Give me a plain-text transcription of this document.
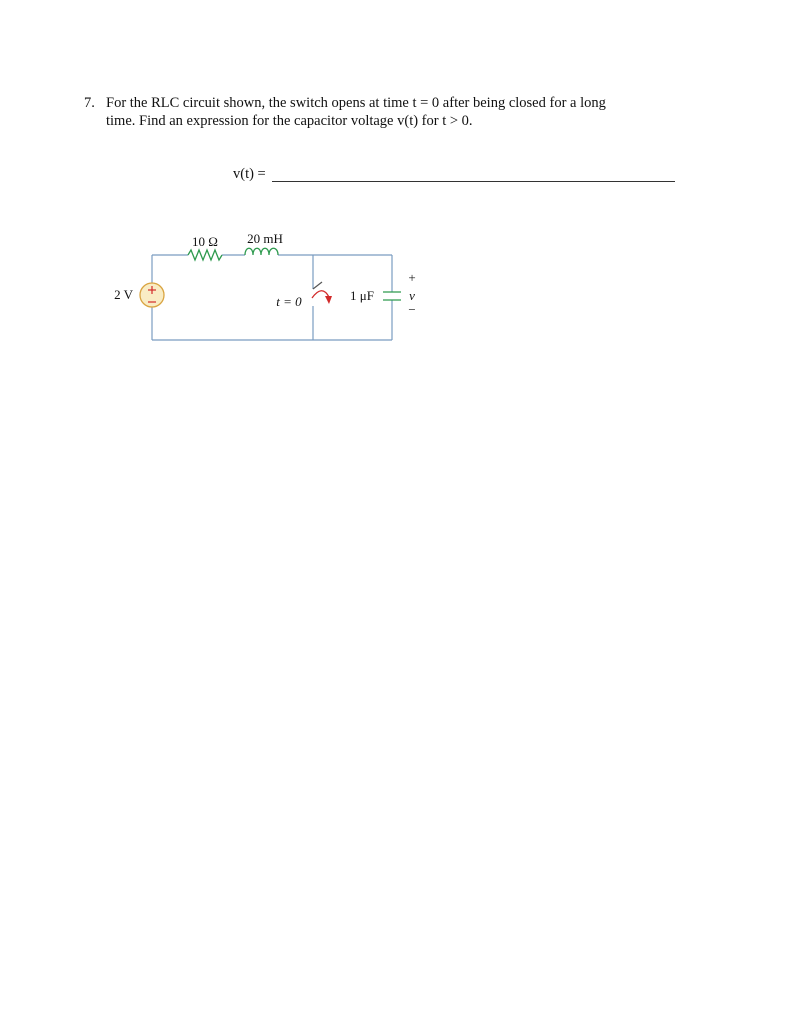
7. For the RLC circuit shown, the switch opens at time t = 0 after being closed for a long
time. Find an expression for the capacitor voltage v(t) for t > 0.
v(t) =
10 Ω 20 mH
2 V	t = 0	1 μF
+
v
−
